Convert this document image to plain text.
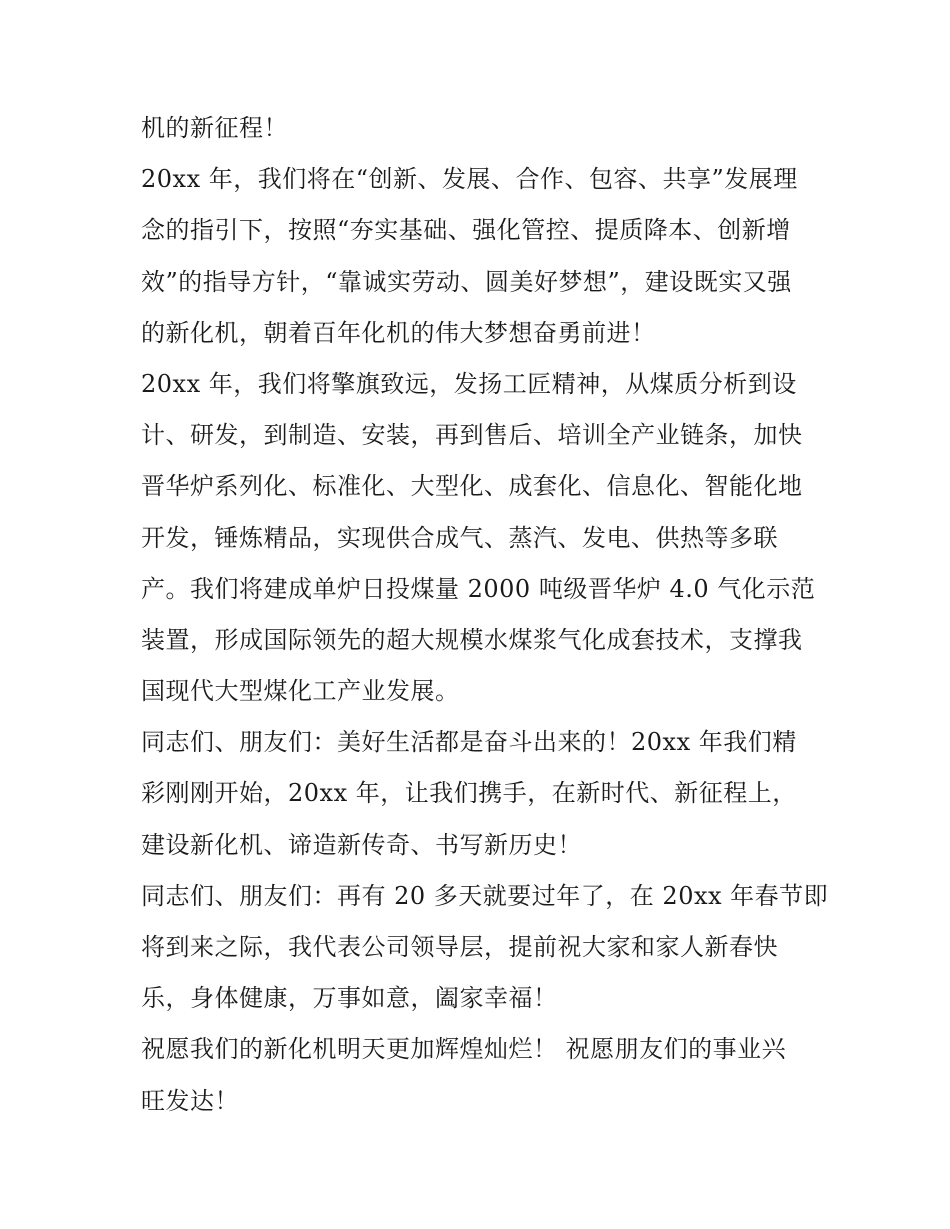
机的新征程！
20xx 年，我们将在“创新、发展、合作、包容、共享”发展理
念的指引下，按照“夯实基础、强化管控、提质降本、创新增
效”的指导方针，“靠诚实劳动、圆美好梦想”，建设既实又强
的新化机，朝着百年化机的伟大梦想奋勇前进！
20xx 年，我们将擎旗致远，发扬工匠精神，从煤质分析到设
计、研发，到制造、安装，再到售后、培训全产业链条，加快
晋华炉系列化、标准化、大型化、成套化、信息化、智能化地
开发，锤炼精品，实现供合成气、蒸汽、发电、供热等多联
产。我们将建成单炉日投煤量 2000 吨级晋华炉 4.0 气化示范
装置，形成国际领先的超大规模水煤浆气化成套技术，支撑我
国现代大型煤化工产业发展。
同志们、朋友们：美好生活都是奋斗出来的！20xx 年我们精
彩刚刚开始，20xx 年，让我们携手，在新时代、新征程上，
建设新化机、谛造新传奇、书写新历史！
同志们、朋友们：再有 20 多天就要过年了，在 20xx 年春节即
将到来之际，我代表公司领导层，提前祝大家和家人新春快
乐，身体健康，万事如意，阖家幸福！
祝愿我们的新化机明天更加辉煌灿烂！ 祝愿朋友们的事业兴
旺发达！
